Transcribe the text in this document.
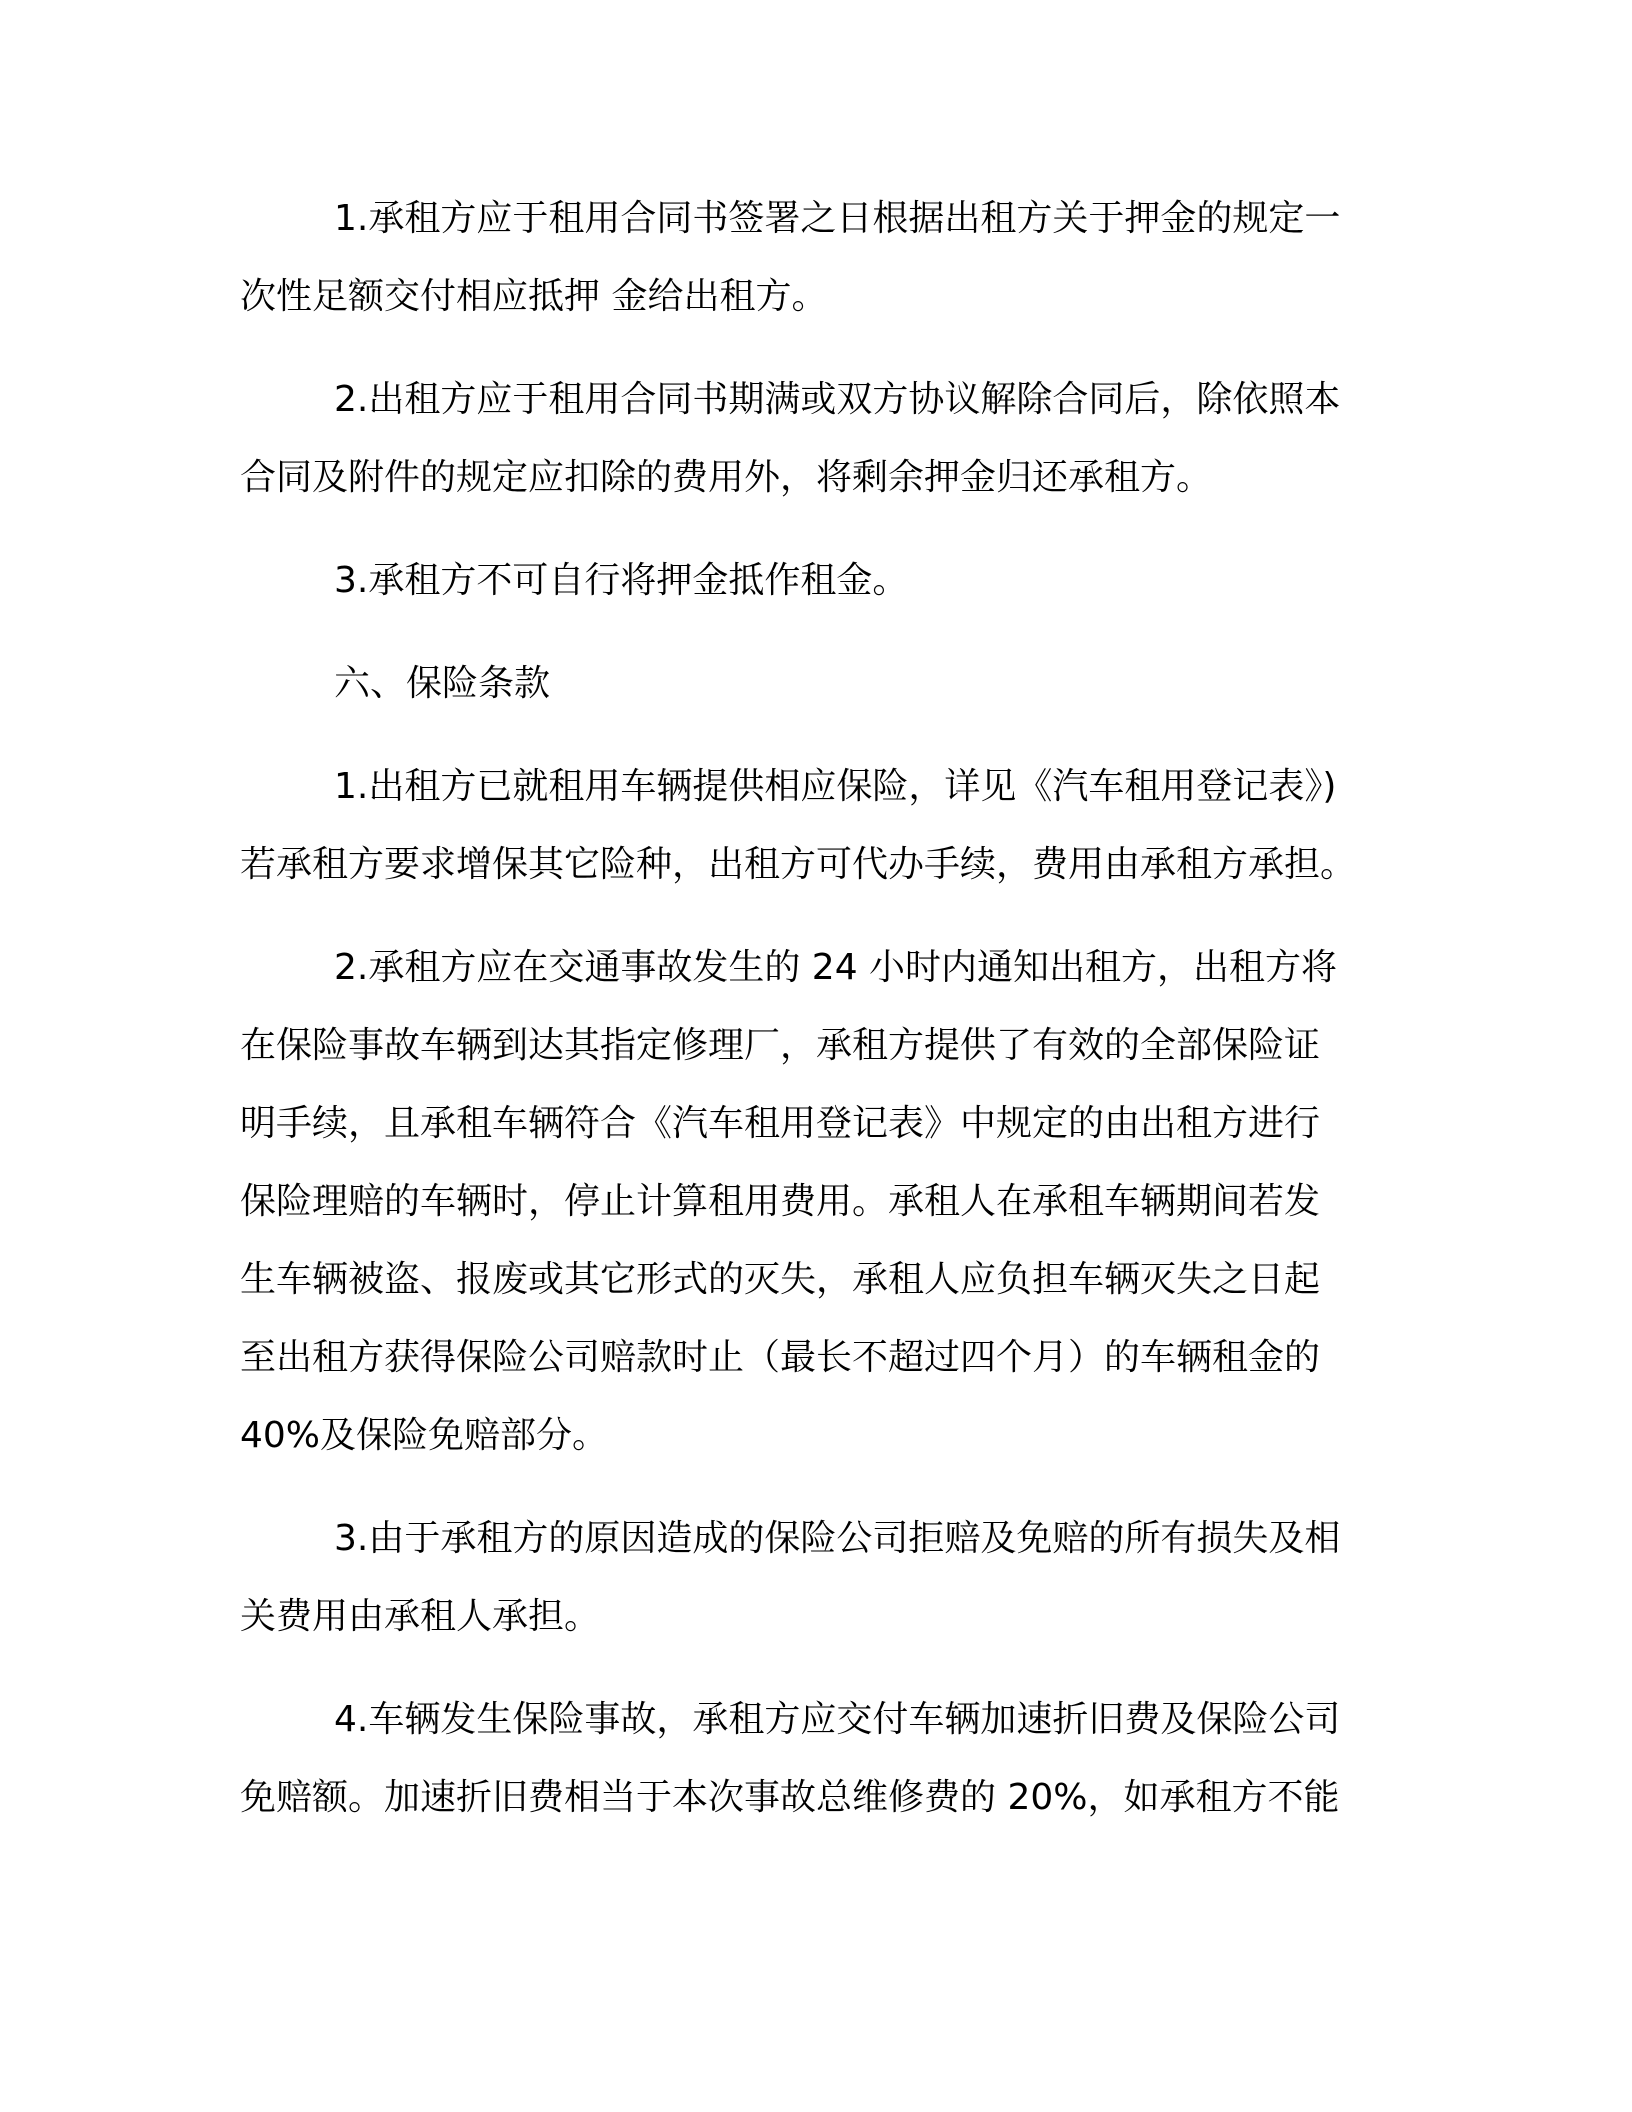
1.承租方应于租用合同书签署之日根据出租方关于押金的规定一
次性足额交付相应抵押 金给出租方。

2.出租方应于租用合同书期满或双方协议解除合同后，除依照本
合同及附件的规定应扣除的费用外，将剩余押金归还承租方。

3.承租方不可自行将押金抵作租金。

六、保险条款

1.出租方已就租用车辆提供相应保险，详见《汽车租用登记表》)
若承租方要求增保其它险种，出租方可代办手续，费用由承租方承担。

2.承租方应在交通事故发生的 24 小时内通知出租方，出租方将
在保险事故车辆到达其指定修理厂，承租方提供了有效的全部保险证
明手续，且承租车辆符合《汽车租用登记表》中规定的由出租方进行
保险理赔的车辆时，停止计算租用费用。承租人在承租车辆期间若发
生车辆被盗、报废或其它形式的灭失，承租人应负担车辆灭失之日起
至出租方获得保险公司赔款时止（最长不超过四个月）的车辆租金的
40%及保险免赔部分。

3.由于承租方的原因造成的保险公司拒赔及免赔的所有损失及相
关费用由承租人承担。

4.车辆发生保险事故，承租方应交付车辆加速折旧费及保险公司
免赔额。加速折旧费相当于本次事故总维修费的 20%，如承租方不能
